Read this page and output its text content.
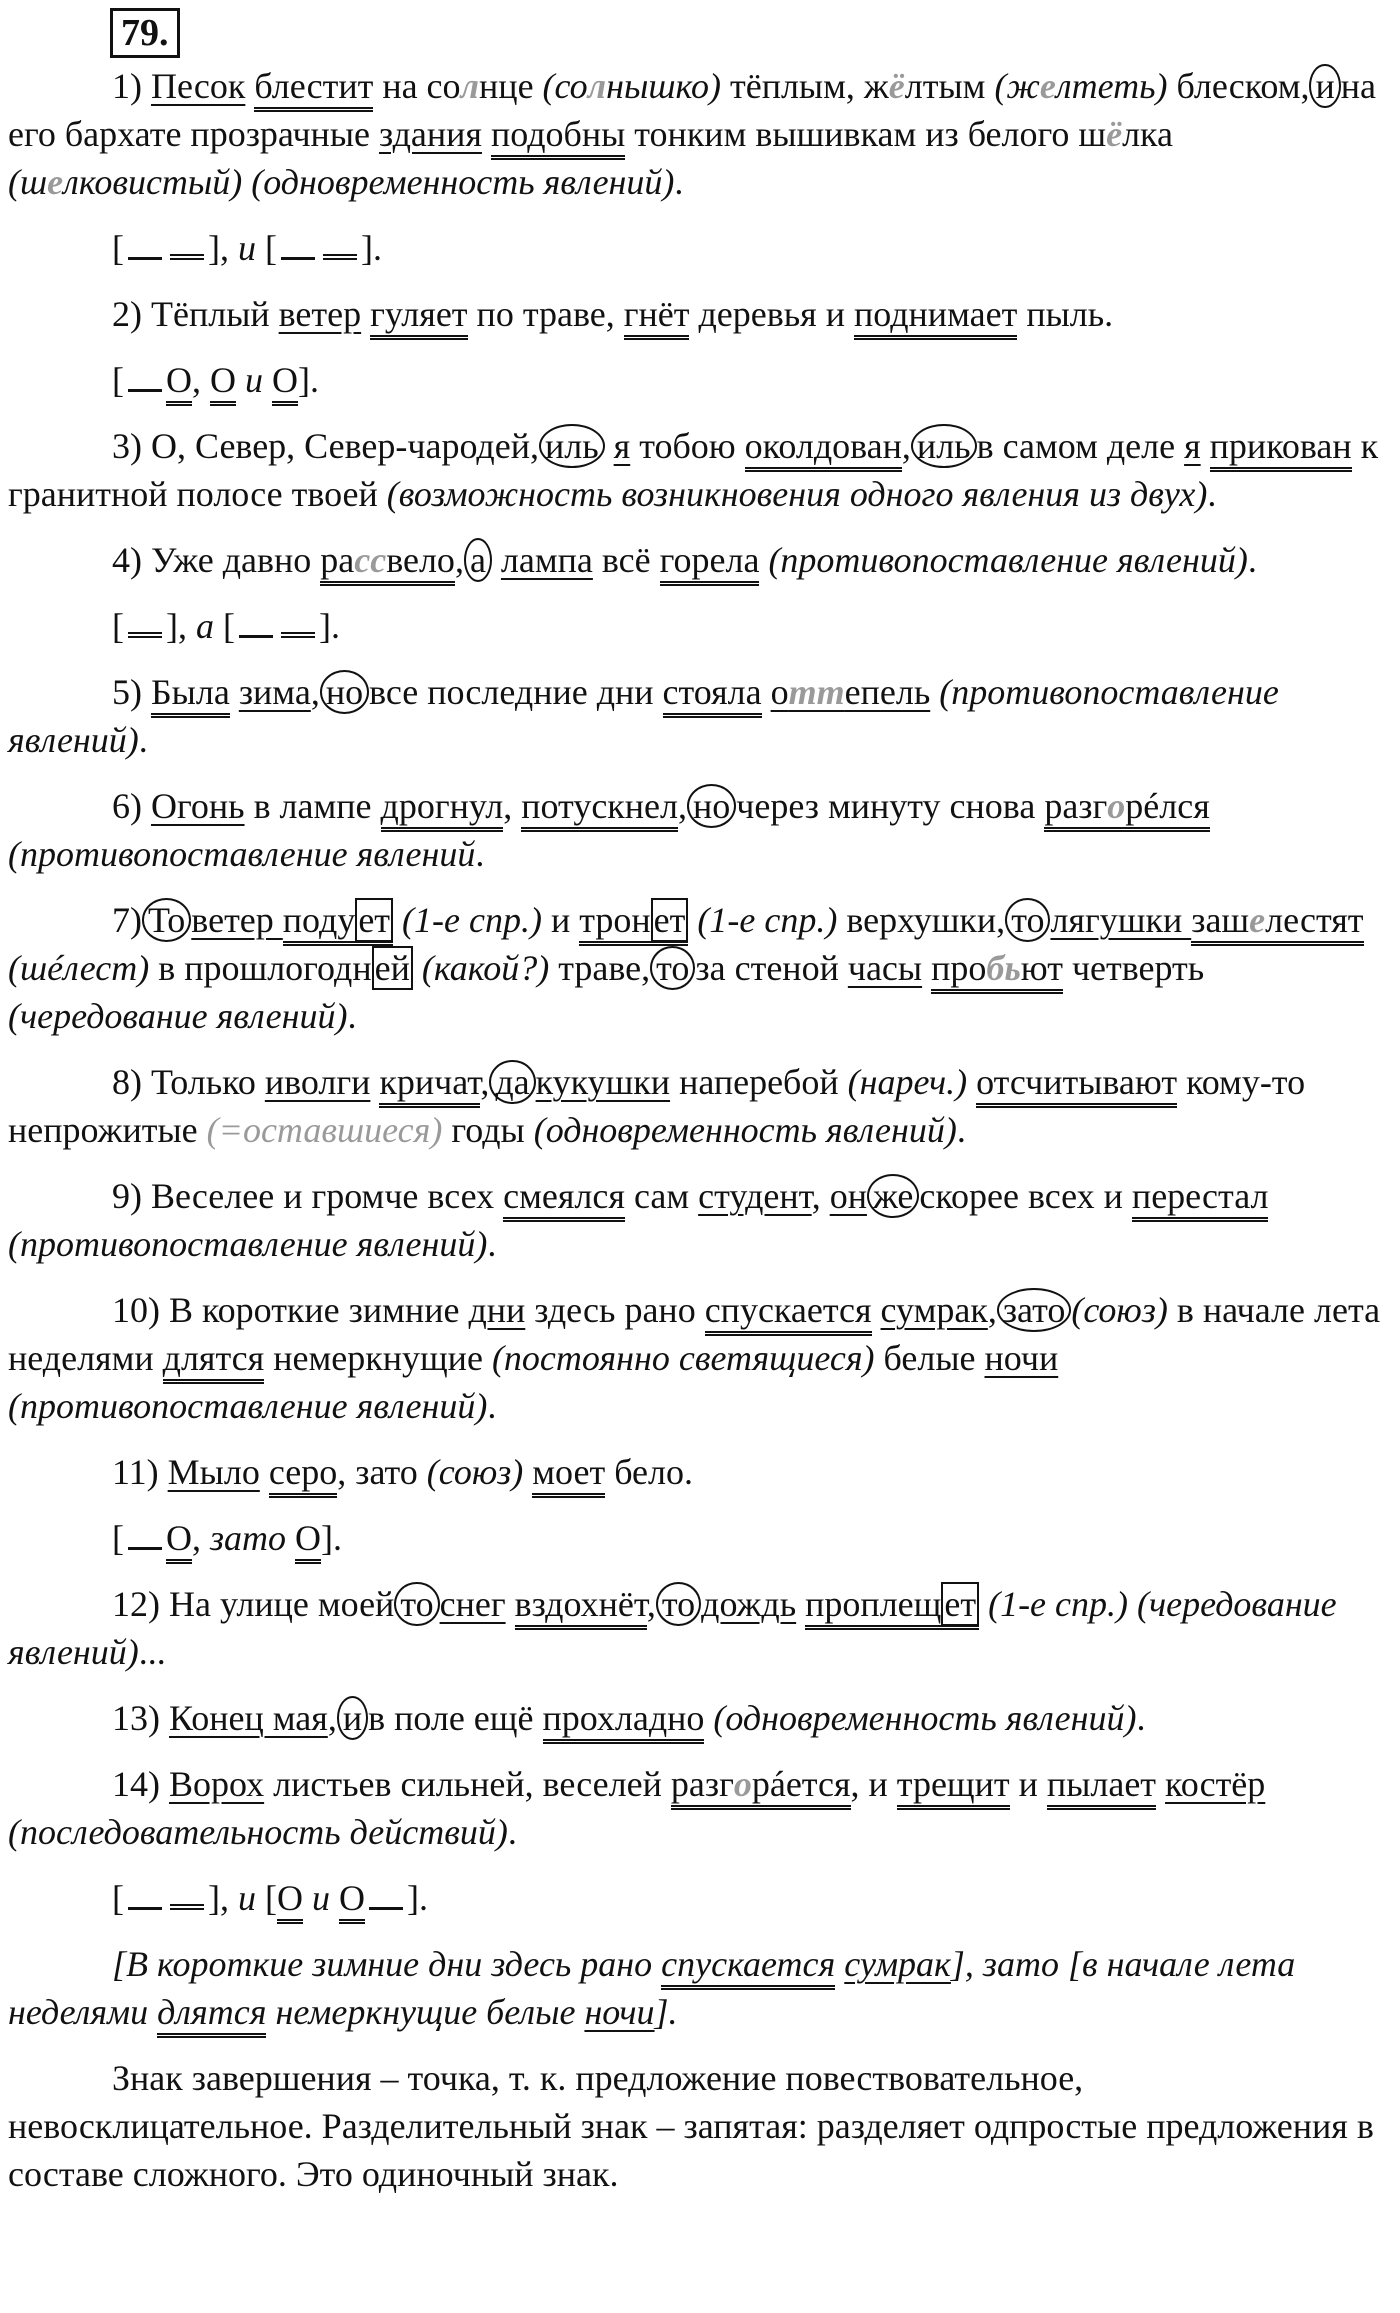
79.

1) Песок блестит на солнце (солнышко) тёплым, жёлтым (желтеть) блеском, и на его бархате прозрачные здания подобны тонким вышивкам из белого шёлка (шелковистый) (одновременность явлений).

[ ], и [ ].

2) Тёплый ветер гуляет по траве, гнёт деревья и поднимает пыль.

[ О, О и О].

3) О, Север, Север-чародей, иль я тобою околдован, иль в самом деле я прикован к гранитной полосе твоей (возможность возникновения одного явления из двух).

4) Уже давно рассвело, а лампа всё горела (противопоставление явлений).

[ ], а [ ].

5) Была зима, но все последние дни стояла оттепель (противопоставление явлений).

6) Огонь в лампе дрогнул, потускнел, но через минуту снова разгорéлся (противопоставление явлений.

7) То ветер подует (1-е спр.) и тронет (1-е спр.) верхушки, то лягушки зашелестят (шéлест) в прошлогодней (какой?) траве, то за стеной часы пробьют четверть (чередование явлений).

8) Только иволги кричат, да кукушки наперебой (нареч.) отсчитывают кому-то непрожитые (=оставшиеся) годы (одновременность явлений).

9) Веселее и громче всех смеялся сам студент, он же скорее всех и перестал (противопоставление явлений).

10) В короткие зимние дни здесь рано спускается сумрак, зато (союз) в начале лета неделями длятся немеркнущие (постоянно светящиеся) белые ночи (противопоставление явлений).

11) Мыло серо, зато (союз) моет бело.

[ О, зато О].

12) На улице моей то снег вздохнёт, то дождь проплещет (1-е спр.) (чередование явлений)...

13) Конец мая, и в поле ещё прохладно (одновременность явлений).

14) Ворох листьев сильней, веселей разгорáется, и трещит и пылает костёр (последовательность действий).

[ ], и [О и О ].

[В короткие зимние дни здесь рано спускается сумрак], зато [в начале лета неделями длятся немеркнущие белые ночи].

Знак завершения – точка, т. к. предложение повествовательное, невосклицательное. Разделительный знак – запятая: разделяет одпростые предложения в составе сложного. Это одиночный знак.
